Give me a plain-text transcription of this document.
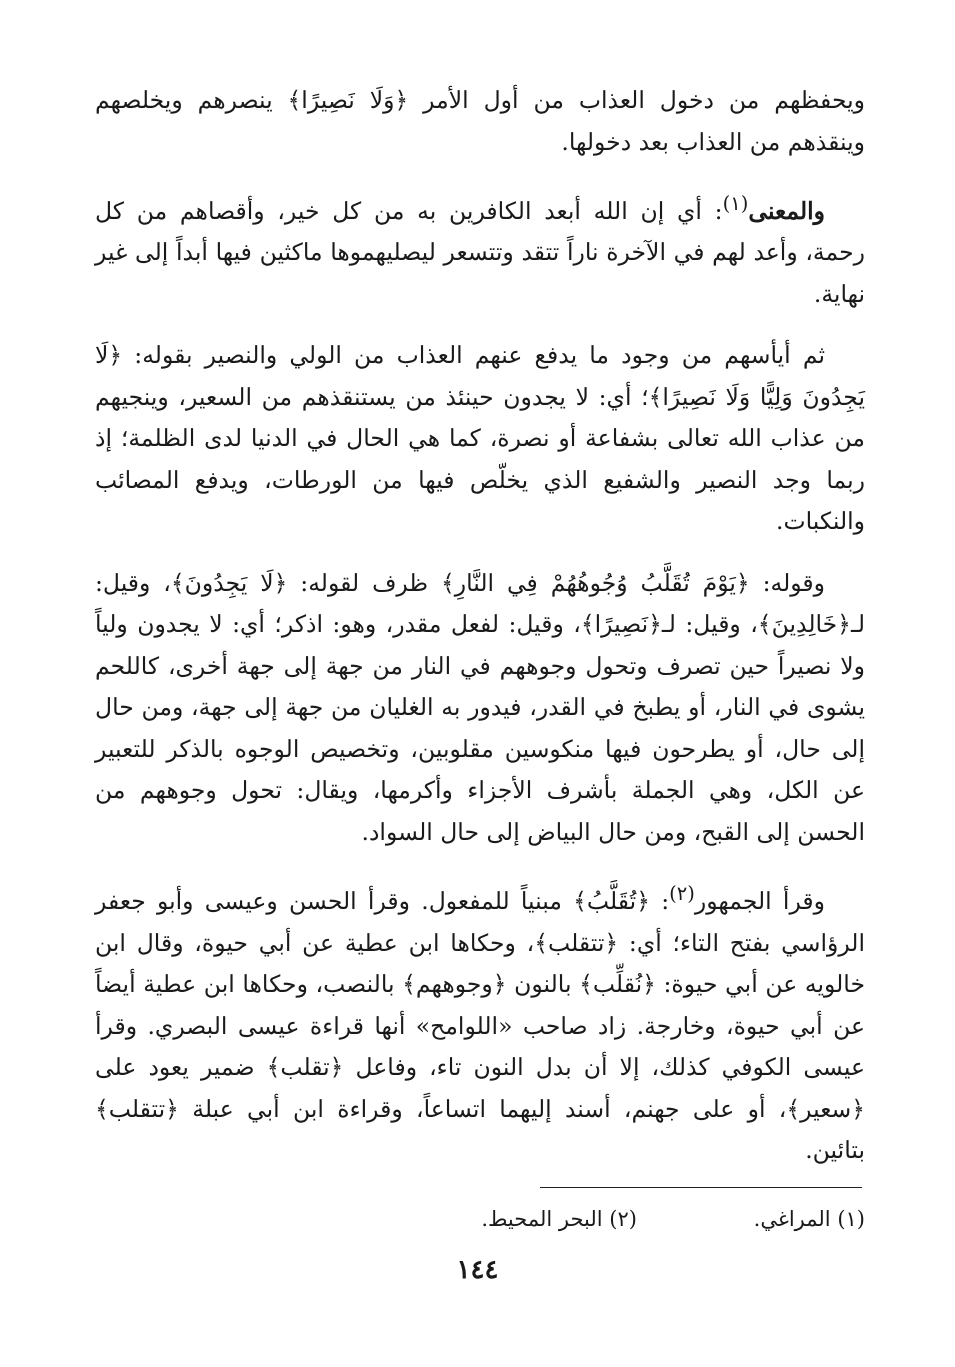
ويحفظهم من دخول العذاب من أول الأمر ﴿وَلَا نَصِيرًا﴾ ينصرهم ويخلصهم وينقذهم من العذاب بعد دخولها.

والمعنى$^{(١)}$: أي إن الله أبعد الكافرين به من كل خير، وأقصاهم من كل رحمة، وأعد لهم في الآخرة ناراً تتقد وتتسعر ليصليهموها ماكثين فيها أبداً إلى غير نهاية.

ثم أيأسهم من وجود ما يدفع عنهم العذاب من الولي والنصير بقوله: ﴿لَا يَجِدُونَ وَلِيًّا وَلَا نَصِيرًا﴾؛ أي: لا يجدون حينئذ من يستنقذهم من السعير، وينجيهم من عذاب الله تعالى بشفاعة أو نصرة، كما هي الحال في الدنيا لدى الظلمة؛ إذ ربما وجد النصير والشفيع الذي يخلّص فيها من الورطات، ويدفع المصائب والنكبات.

وقوله: ﴿يَوْمَ تُقَلَّبُ وُجُوهُهُمْ فِي النَّارِ﴾ ظرف لقوله: ﴿لَا يَجِدُونَ﴾، وقيل: لـ﴿خَالِدِينَ﴾، وقيل: لـ﴿نَصِيرًا﴾، وقيل: لفعل مقدر، وهو: اذكر؛ أي: لا يجدون ولياً ولا نصيراً حين تصرف وتحول وجوههم في النار من جهة إلى جهة أخرى، كاللحم يشوى في النار، أو يطبخ في القدر، فيدور به الغليان من جهة إلى جهة، ومن حال إلى حال، أو يطرحون فيها منكوسين مقلوبين، وتخصيص الوجوه بالذكر للتعبير عن الكل، وهي الجملة بأشرف الأجزاء وأكرمها، ويقال: تحول وجوههم من الحسن إلى القبح، ومن حال البياض إلى حال السواد.

وقرأ الجمهور$^{(٢)}$: ﴿تُقَلَّبُ﴾ مبنياً للمفعول. وقرأ الحسن وعيسى وأبو جعفر الرؤاسي بفتح التاء؛ أي: ﴿تتقلب﴾، وحكاها ابن عطية عن أبي حيوة، وقال ابن خالويه عن أبي حيوة: ﴿نُقلِّب﴾ بالنون ﴿وجوههم﴾ بالنصب، وحكاها ابن عطية أيضاً عن أبي حيوة، وخارجة. زاد صاحب «اللوامح» أنها قراءة عيسى البصري. وقرأ عيسى الكوفي كذلك، إلا أن بدل النون تاء، وفاعل ﴿تقلب﴾ ضمير يعود على ﴿سعير﴾، أو على جهنم، أسند إليهما اتساعاً، وقراءة ابن أبي عبلة ﴿تتقلب﴾ بتائين.

(١) المراغي. (٢) البحر المحيط.
١٤٤
